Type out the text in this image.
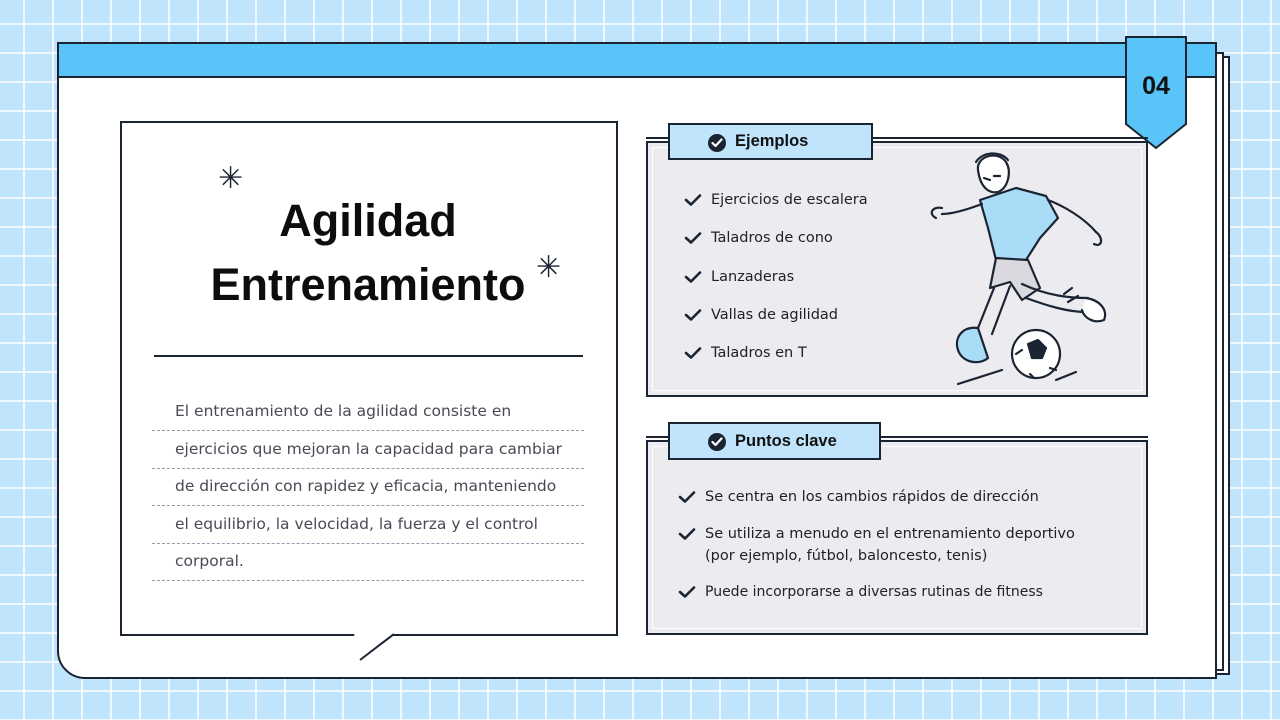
04
✳
✳
Agilidad
Entrenamiento
El entrenamiento de la agilidad consiste en
ejercicios que mejoran la capacidad para cambiar
de dirección con rapidez y eficacia, manteniendo
el equilibrio, la velocidad, la fuerza y el control
corporal.
Ejemplos
Ejercicios de escalera
Taladros de cono
Lanzaderas
Vallas de agilidad
Taladros en T
Puntos clave
Se centra en los cambios rápidos de dirección
Se utiliza a menudo en el entrenamiento deportivo
(por ejemplo, fútbol, baloncesto, tenis)
Puede incorporarse a diversas rutinas de fitness
